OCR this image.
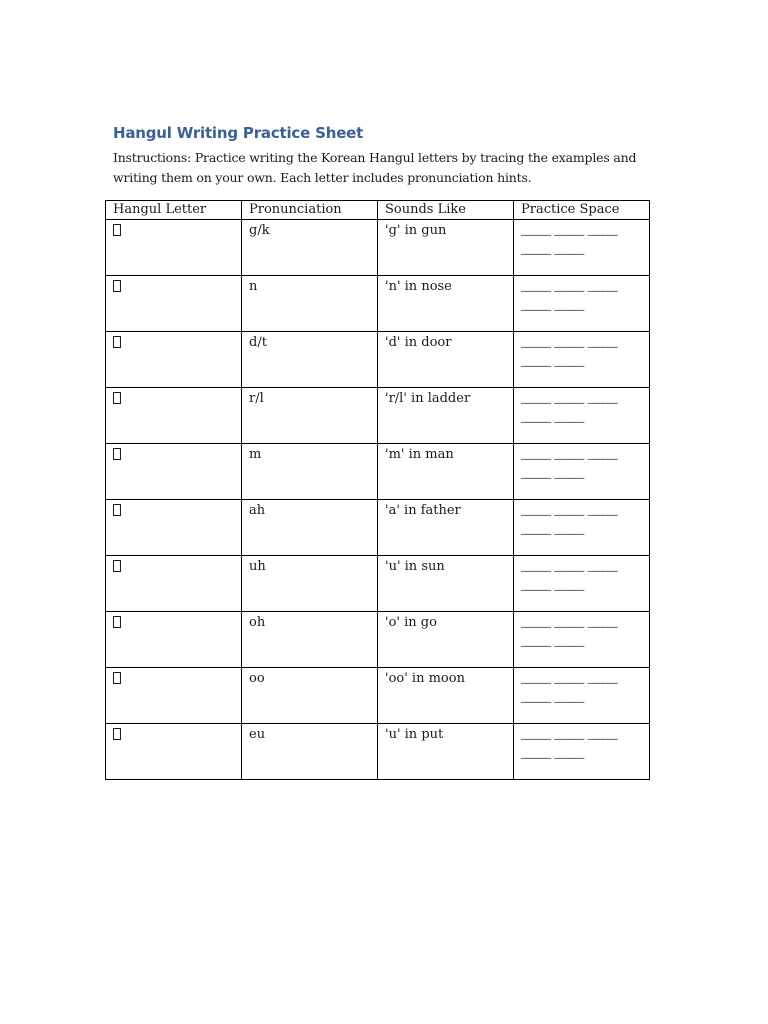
Hangul Writing Practice Sheet
Instructions: Practice writing the Korean Hangul letters by tracing the examples and writing them on your own. Each letter includes pronunciation hints.
Hangul Letter	Pronunciation	Sounds Like	Practice Space
	g/k	'g' in gun	______ ______ ______ ______ ______

	n	'n' in nose	______ ______ ______ ______ ______

	d/t	'd' in door	______ ______ ______ ______ ______

	r/l	'r/l' in ladder	______ ______ ______ ______ ______

	m	'm' in man	______ ______ ______ ______ ______

	ah	'a' in father	______ ______ ______ ______ ______

	uh	'u' in sun	______ ______ ______ ______ ______

	oh	'o' in go	______ ______ ______ ______ ______

	oo	'oo' in moon	______ ______ ______ ______ ______

	eu	'u' in put	______ ______ ______ ______ ______
